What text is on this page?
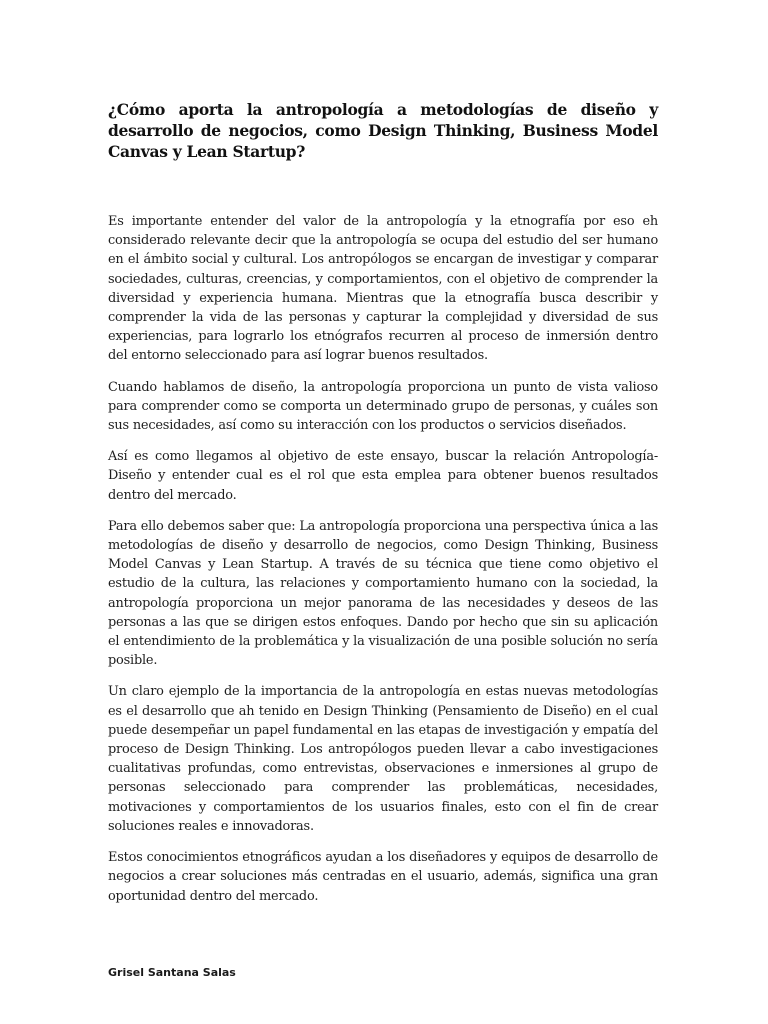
¿Cómo aporta la antropología a metodologías de diseño y desarrollo de negocios, como Design Thinking, Business Model Canvas y Lean Startup?

Es importante entender del valor de la antropología y la etnografía por eso eh considerado relevante decir que la antropología se ocupa del estudio del ser humano en el ámbito social y cultural. Los antropólogos se encargan de investigar y comparar sociedades, culturas, creencias, y comportamientos, con el objetivo de comprender la diversidad y experiencia humana. Mientras que la etnografía busca describir y comprender la vida de las personas y capturar la complejidad y diversidad de sus experiencias, para lograrlo los etnógrafos recurren al proceso de inmersión dentro del entorno seleccionado para así lograr buenos resultados.

Cuando hablamos de diseño, la antropología proporciona un punto de vista valioso para comprender como se comporta un determinado grupo de personas, y cuáles son sus necesidades, así como su interacción con los productos o servicios diseñados.

Así es como llegamos al objetivo de este ensayo, buscar la relación Antropología-Diseño y entender cual es el rol que esta emplea para obtener buenos resultados dentro del mercado.

Para ello debemos saber que: La antropología proporciona una perspectiva única a las metodologías de diseño y desarrollo de negocios, como Design Thinking, Business Model Canvas y Lean Startup. A través de su técnica que tiene como objetivo el estudio de la cultura, las relaciones y comportamiento humano con la sociedad, la antropología proporciona un mejor panorama de las necesidades y deseos de las personas a las que se dirigen estos enfoques. Dando por hecho que sin su aplicación el entendimiento de la problemática y la visualización de una posible solución no sería posible.

Un claro ejemplo de la importancia de la antropología en estas nuevas metodologías es el desarrollo que ah tenido en Design Thinking (Pensamiento de Diseño) en el cual puede desempeñar un papel fundamental en las etapas de investigación y empatía del proceso de Design Thinking. Los antropólogos pueden llevar a cabo investigaciones cualitativas profundas, como entrevistas, observaciones e inmersiones al grupo de personas seleccionado para comprender las problemáticas, necesidades, motivaciones y comportamientos de los usuarios finales, esto con el fin de crear soluciones reales e innovadoras.

Estos conocimientos etnográficos ayudan a los diseñadores y equipos de desarrollo de negocios a crear soluciones más centradas en el usuario, además, significa una gran oportunidad dentro del mercado.

Grisel Santana Salas
